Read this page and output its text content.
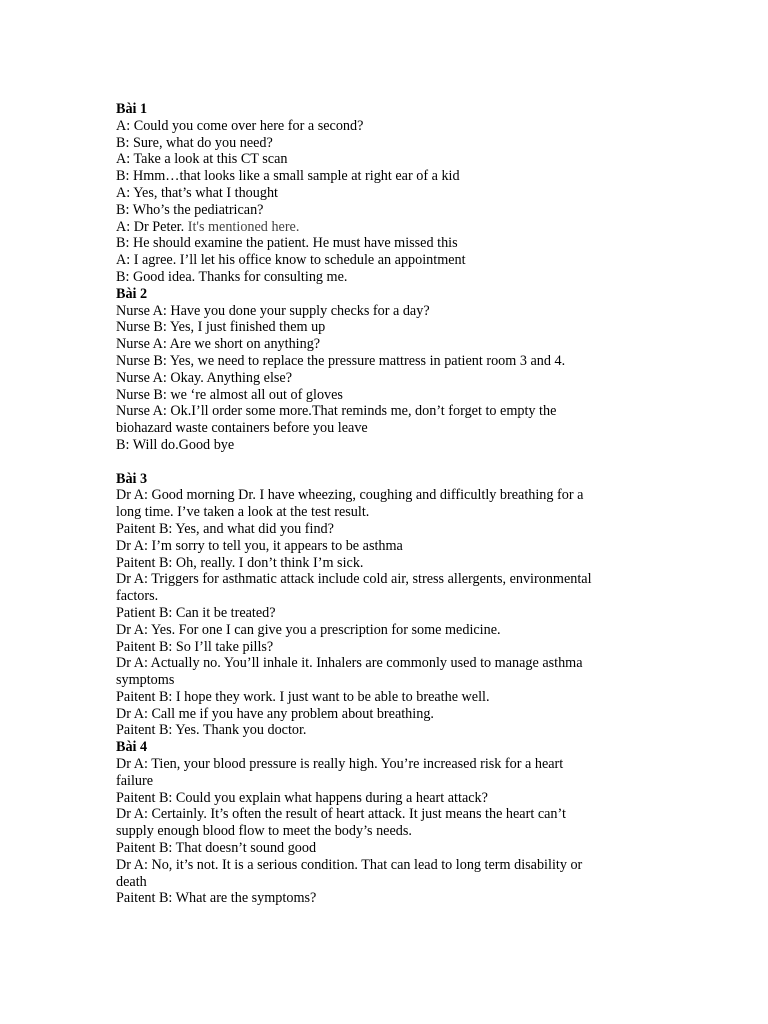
Bài 1
A: Could you come over here for a second?
B: Sure, what do you need?
A: Take a look at this CT scan
B: Hmm…that looks like a small sample at right ear of a kid
A: Yes, that’s what I thought
B: Who’s the pediatrican?
A: Dr Peter. It's mentioned here.
B: He should examine the patient. He must have missed this
A: I agree. I’ll let his office know to schedule an appointment
B: Good idea. Thanks for consulting me.
Bài 2
Nurse A: Have you done your supply checks for a day?
Nurse B: Yes, I just finished them up
Nurse A: Are we short on anything?
Nurse B: Yes, we need to replace the pressure mattress in patient room 3 and 4.
Nurse A: Okay. Anything else?
Nurse B: we ‘re almost all out of gloves
Nurse A: Ok.I’ll order some more.That reminds me, don’t forget to empty the
biohazard waste containers before you leave
B: Will do.Good bye
Bài 3
Dr A: Good morning Dr. I have wheezing, coughing and difficultly breathing for a
long time. I’ve taken a look at the test result.
Paitent B: Yes, and what did you find?
Dr A: I’m sorry to tell you, it appears to be asthma
Paitent B: Oh, really. I don’t think I’m sick.
Dr A: Triggers for asthmatic attack include cold air, stress allergents, environmental
factors.
Patient B: Can it be treated?
Dr A: Yes. For one I can give you a prescription for some medicine.
Paitent B: So I’ll take pills?
Dr A: Actually no. You’ll inhale it. Inhalers are commonly used to manage asthma
symptoms
Paitent B: I hope they work. I just want to be able to breathe well.
Dr A: Call me if you have any problem about breathing.
Paitent B: Yes. Thank you doctor.
Bài 4
Dr A: Tien, your blood pressure is really high. You’re increased risk for a heart
failure
Paitent B: Could you explain what happens during a heart attack?
Dr A: Certainly. It’s often the result of heart attack. It just means the heart can’t
supply enough blood flow to meet the body’s needs.
Paitent B: That doesn’t sound good
Dr A: No, it’s not. It is a serious condition. That can lead to long term disability or
death
Paitent B: What are the symptoms?
